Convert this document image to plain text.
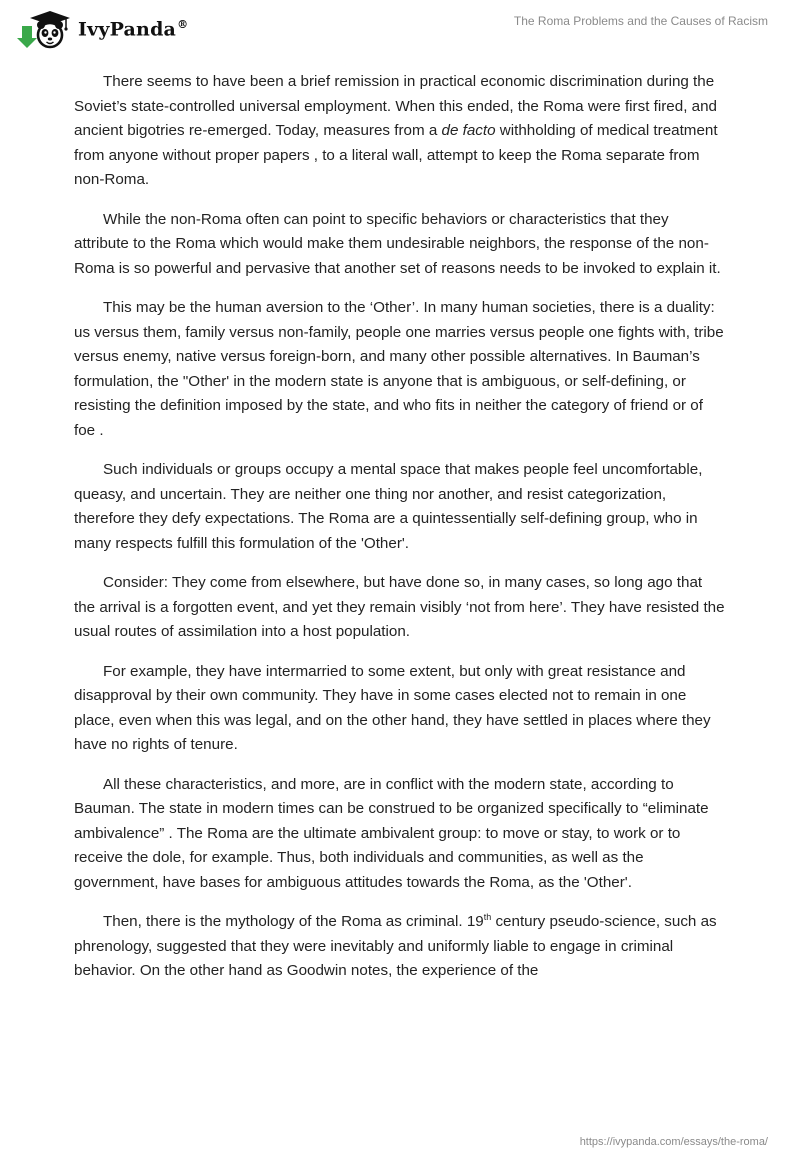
IvyPanda®	The Roma Problems and the Causes of Racism

There seems to have been a brief remission in practical economic discrimination during the Soviet’s state-controlled universal employment. When this ended, the Roma were first fired, and ancient bigotries re-emerged. Today, measures from a de facto withholding of medical treatment from anyone without proper papers , to a literal wall, attempt to keep the Roma separate from non-Roma.

While the non-Roma often can point to specific behaviors or characteristics that they attribute to the Roma which would make them undesirable neighbors, the response of the non-Roma is so powerful and pervasive that another set of reasons needs to be invoked to explain it.

This may be the human aversion to the ‘Other’. In many human societies, there is a duality: us versus them, family versus non-family, people one marries versus people one fights with, tribe versus enemy, native versus foreign-born, and many other possible alternatives. In Bauman’s formulation, the "Other' in the modern state is anyone that is ambiguous, or self-defining, or resisting the definition imposed by the state, and who fits in neither the category of friend or of foe .

Such individuals or groups occupy a mental space that makes people feel uncomfortable, queasy, and uncertain. They are neither one thing nor another, and resist categorization, therefore they defy expectations. The Roma are a quintessentially self-defining group, who in many respects fulfill this formulation of the 'Other'.

Consider: They come from elsewhere, but have done so, in many cases, so long ago that the arrival is a forgotten event, and yet they remain visibly ‘not from here’. They have resisted the usual routes of assimilation into a host population.

For example, they have intermarried to some extent, but only with great resistance and disapproval by their own community. They have in some cases elected not to remain in one place, even when this was legal, and on the other hand, they have settled in places where they have no rights of tenure.

All these characteristics, and more, are in conflict with the modern state, according to Bauman. The state in modern times can be construed to be organized specifically to “eliminate ambivalence” . The Roma are the ultimate ambivalent group: to move or stay, to work or to receive the dole, for example. Thus, both individuals and communities, as well as the government, have bases for ambiguous attitudes towards the Roma, as the 'Other'.

Then, there is the mythology of the Roma as criminal. 19th century pseudo-science, such as phrenology, suggested that they were inevitably and uniformly liable to engage in criminal behavior. On the other hand as Goodwin notes, the experience of the

https://ivypanda.com/essays/the-roma/
